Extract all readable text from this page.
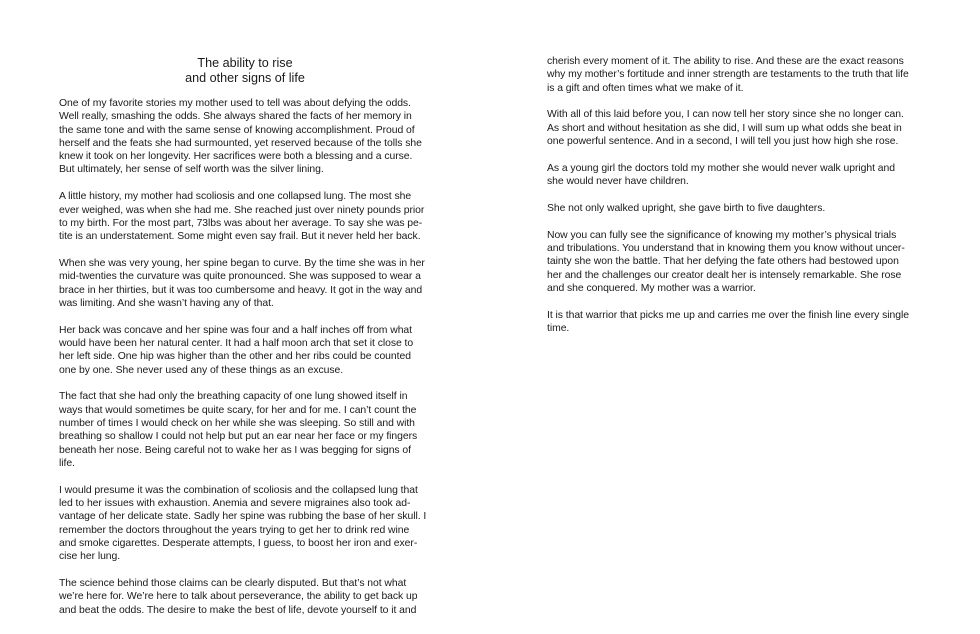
The ability to rise
and other signs of life

One of my favorite stories my mother used to tell was about defying the odds.
Well really, smashing the odds. She always shared the facts of her memory in
the same tone and with the same sense of knowing accomplishment. Proud of
herself and the feats she had surmounted, yet reserved because of the tolls she
knew it took on her longevity. Her sacrifices were both a blessing and a curse.
But ultimately, her sense of self worth was the silver lining.

A little history, my mother had scoliosis and one collapsed lung. The most she
ever weighed, was when she had me. She reached just over ninety pounds prior
to my birth. For the most part, 73lbs was about her average. To say she was pe-
tite is an understatement. Some might even say frail. But it never held her back.

When she was very young, her spine began to curve. By the time she was in her
mid-twenties the curvature was quite pronounced. She was supposed to wear a
brace in her thirties, but it was too cumbersome and heavy. It got in the way and
was limiting. And she wasn’t having any of that.

Her back was concave and her spine was four and a half inches off from what
would have been her natural center. It had a half moon arch that set it close to
her left side. One hip was higher than the other and her ribs could be counted
one by one. She never used any of these things as an excuse.

The fact that she had only the breathing capacity of one lung showed itself in
ways that would sometimes be quite scary, for her and for me. I can’t count the
number of times I would check on her while she was sleeping. So still and with
breathing so shallow I could not help but put an ear near her face or my fingers
beneath her nose. Being careful not to wake her as I was begging for signs of
life.

I would presume it was the combination of scoliosis and the collapsed lung that
led to her issues with exhaustion. Anemia and severe migraines also took ad-
vantage of her delicate state. Sadly her spine was rubbing the base of her skull. I
remember the doctors throughout the years trying to get her to drink red wine
and smoke cigarettes. Desperate attempts, I guess, to boost her iron and exer-
cise her lung.

The science behind those claims can be clearly disputed. But that’s not what
we’re here for. We’re here to talk about perseverance, the ability to get back up
and beat the odds. The desire to make the best of life, devote yourself to it and

cherish every moment of it. The ability to rise. And these are the exact reasons
why my mother’s fortitude and inner strength are testaments to the truth that life
is a gift and often times what we make of it.

With all of this laid before you, I can now tell her story since she no longer can.
As short and without hesitation as she did, I will sum up what odds she beat in
one powerful sentence. And in a second, I will tell you just how high she rose.

As a young girl the doctors told my mother she would never walk upright and
she would never have children.

She not only walked upright, she gave birth to five daughters.

Now you can fully see the significance of knowing my mother’s physical trials
and tribulations. You understand that in knowing them you know without uncer-
tainty she won the battle. That her defying the fate others had bestowed upon
her and the challenges our creator dealt her is intensely remarkable. She rose
and she conquered. My mother was a warrior.

It is that warrior that picks me up and carries me over the finish line every single
time.
